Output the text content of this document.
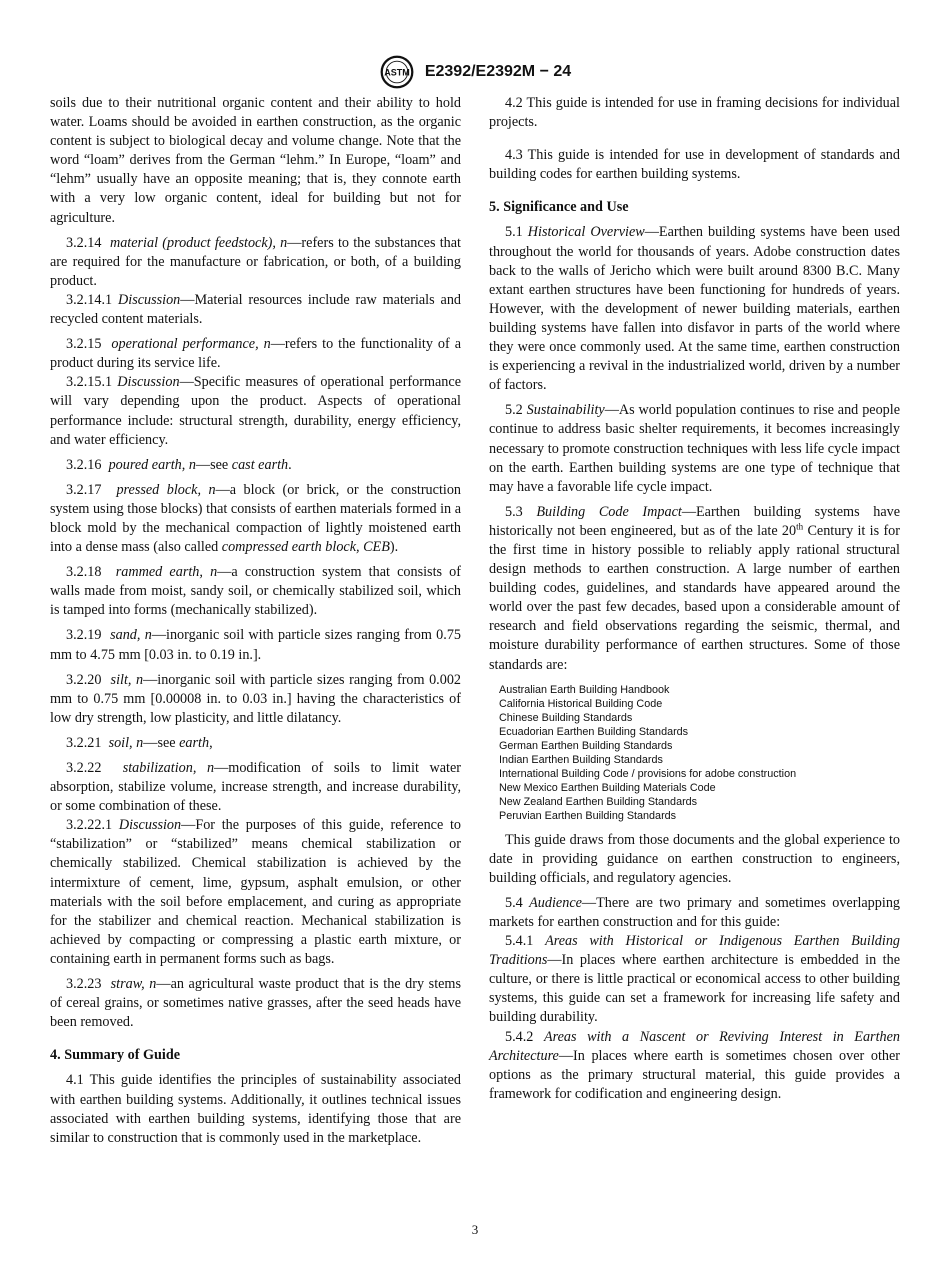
ASTM E2392/E2392M − 24

soils due to their nutritional organic content and their ability to hold water. Loams should be avoided in earthen construction, as the organic content is subject to biological decay and volume change. Note that the word “loam” derives from the German “lehm.” In Europe, “loam” and “lehm” usually have an opposite meaning; that is, they connote earth with a very low organic content, ideal for building but not for agriculture.

3.2.14 material (product feedstock), n—refers to the substances that are required for the manufacture or fabrication, or both, of a building product.

3.2.14.1 Discussion—Material resources include raw materials and recycled content materials.

3.2.15 operational performance, n—refers to the functionality of a product during its service life.

3.2.15.1 Discussion—Specific measures of operational performance will vary depending upon the product. Aspects of operational performance include: structural strength, durability, energy efficiency, and water efficiency.

3.2.16 poured earth, n—see cast earth.

3.2.17 pressed block, n—a block (or brick, or the construction system using those blocks) that consists of earthen materials formed in a block mold by the mechanical compaction of lightly moistened earth into a dense mass (also called compressed earth block, CEB).

3.2.18 rammed earth, n—a construction system that consists of walls made from moist, sandy soil, or chemically stabilized soil, which is tamped into forms (mechanically stabilized).

3.2.19 sand, n—inorganic soil with particle sizes ranging from 0.75 mm to 4.75 mm [0.03 in. to 0.19 in.].

3.2.20 silt, n—inorganic soil with particle sizes ranging from 0.002 mm to 0.75 mm [0.00008 in. to 0.03 in.] having the characteristics of low dry strength, low plasticity, and little dilatancy.

3.2.21 soil, n—see earth,

3.2.22 stabilization, n—modification of soils to limit water absorption, stabilize volume, increase strength, and increase durability, or some combination of these.

3.2.22.1 Discussion—For the purposes of this guide, reference to “stabilization” or “stabilized” means chemical stabilization or chemically stabilized. Chemical stabilization is achieved by the intermixture of cement, lime, gypsum, asphalt emulsion, or other materials with the soil before emplacement, and curing as appropriate for the stabilizer and chemical reaction. Mechanical stabilization is achieved by compacting or compressing a plastic earth mixture, or containing earth in permanent forms such as bags.

3.2.23 straw, n—an agricultural waste product that is the dry stems of cereal grains, or sometimes native grasses, after the seed heads have been removed.

4. Summary of Guide

4.1 This guide identifies the principles of sustainability associated with earthen building systems. Additionally, it outlines technical issues associated with earthen building systems, identifying those that are similar to construction that is commonly used in the marketplace.

4.2 This guide is intended for use in framing decisions for individual projects.

4.3 This guide is intended for use in development of standards and building codes for earthen building systems.

5. Significance and Use

5.1 Historical Overview—Earthen building systems have been used throughout the world for thousands of years. Adobe construction dates back to the walls of Jericho which were built around 8300 B.C. Many extant earthen structures have been functioning for hundreds of years. However, with the development of newer building materials, earthen building systems have fallen into disfavor in parts of the world where they were once commonly used. At the same time, earthen construction is experiencing a revival in the industrialized world, driven by a number of factors.

5.2 Sustainability—As world population continues to rise and people continue to address basic shelter requirements, it becomes increasingly necessary to promote construction techniques with less life cycle impact on the earth. Earthen building systems are one type of technique that may have a favorable life cycle impact.

5.3 Building Code Impact—Earthen building systems have historically not been engineered, but as of the late 20th Century it is for the first time in history possible to reliably apply rational structural design methods to earthen construction. A large number of earthen building codes, guidelines, and standards have appeared around the world over the past few decades, based upon a considerable amount of research and field observations regarding the seismic, thermal, and moisture durability performance of earthen structures. Some of those standards are:

Australian Earth Building Handbook
California Historical Building Code
Chinese Building Standards
Ecuadorian Earthen Building Standards
German Earthen Building Standards
Indian Earthen Building Standards
International Building Code / provisions for adobe construction
New Mexico Earthen Building Materials Code
New Zealand Earthen Building Standards
Peruvian Earthen Building Standards

This guide draws from those documents and the global experience to date in providing guidance on earthen construction to engineers, building officials, and regulatory agencies.

5.4 Audience—There are two primary and sometimes overlapping markets for earthen construction and for this guide:

5.4.1 Areas with Historical or Indigenous Earthen Building Traditions—In places where earthen architecture is embedded in the culture, or there is little practical or economical access to other building systems, this guide can set a framework for increasing life safety and building durability.

5.4.2 Areas with a Nascent or Reviving Interest in Earthen Architecture—In places where earth is sometimes chosen over other options as the primary structural material, this guide provides a framework for codification and engineering design.

3
